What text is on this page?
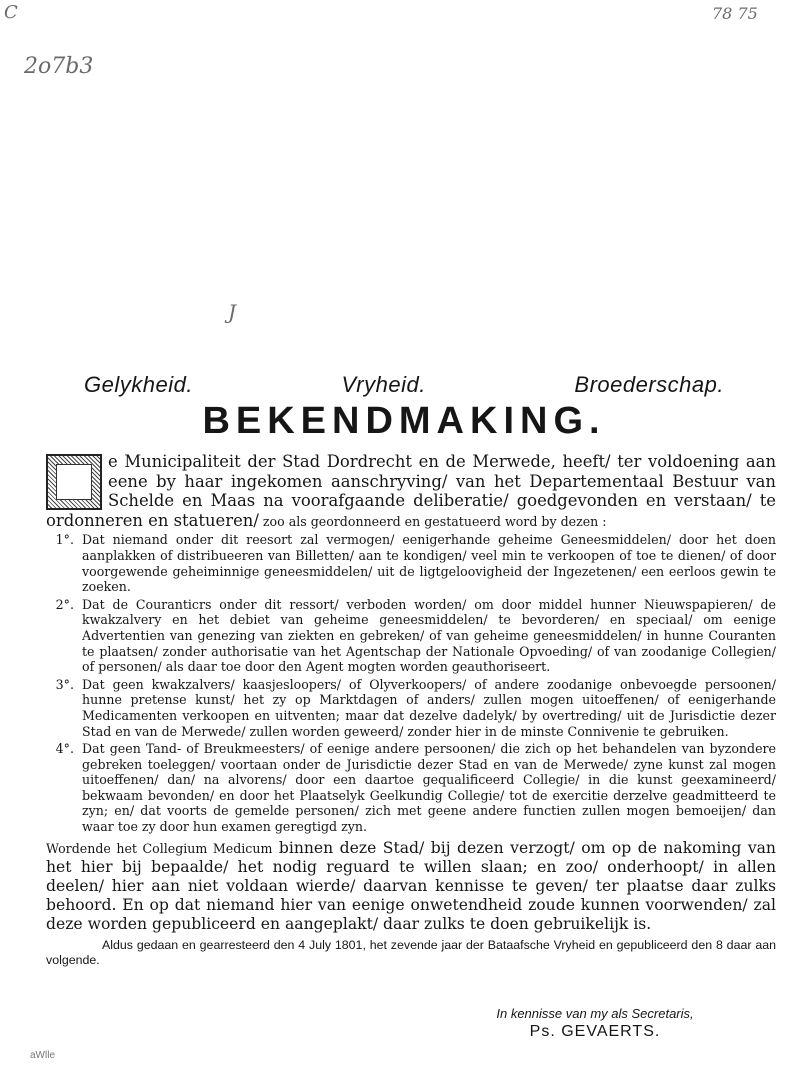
C	78 75
2o7b3
J
Gelykheid.	Vryheid.	Broederschap.
BEKENDMAKING.
e Municipaliteit der Stad Dordrecht en de Merwede, heeft/ ter voldoening aan eene by haar ingekomen aanschryving/ van het Departementaal Bestuur van Schelde en Maas na voorafgaande deliberatie/ goedgevonden en verstaan/ te ordonneren en statueren/ zoo als geordonneerd en gestatueerd word by dezen :
1°. Dat niemand onder dit reesort zal vermogen/ eenigerhande geheime Geneesmiddelen/ door het doen aanplakken of distribueeren van Billetten/ aan te kondigen/ veel min te verkoopen of toe te dienen/ of door voorgewende geheiminnige geneesmiddelen/ uit de ligtgeloovigheid der Ingezetenen/ een eerloos gewin te zoeken.
2°. Dat de Couranticrs onder dit ressort/ verboden worden/ om door middel hunner Nieuwspapieren/ de kwakzalvery en het debiet van geheime geneesmiddelen/ te bevorderen/ en speciaal/ om eenige Advertentien van genezing van ziekten en gebreken/ of van geheime geneesmiddelen/ in hunne Couranten te plaatsen/ zonder authorisatie van het Agentschap der Nationale Opvoeding/ of van zoodanige Collegien/ of personen/ als daar toe door den Agent mogten worden geauthoriseert.
3°. Dat geen kwakzalvers/ kaasjesloopers/ of Olyverkoopers/ of andere zoodanige onbevoegde persoonen/ hunne pretense kunst/ het zy op Marktdagen of anders/ zullen mogen uitoeffenen/ of eenigerhande Medicamenten verkoopen en uitventen; maar dat dezelve dadelyk/ by overtreding/ uit de Jurisdictie dezer Stad en van de Merwede/ zullen worden geweerd/ zonder hier in de minste Connivenie te gebruiken.
4°. Dat geen Tand- of Breukmeesters/ of eenige andere persoonen/ die zich op het behandelen van byzondere gebreken toeleggen/ voortaan onder de Jurisdictie dezer Stad en van de Merwede/ zyne kunst zal mogen uitoeffenen/ dan/ na alvorens/ door een daartoe gequalificeerd Collegie/ in die kunst geexamineerd/ bekwaam bevonden/ en door het Plaatselyk Geelkundig Collegie/ tot de exercitie derzelve geadmitteerd te zyn; en/ dat voorts de gemelde personen/ zich met geene andere functien zullen mogen bemoeijen/ dan waar toe zy door hun examen geregtigd zyn.
Wordende het Collegium Medicum binnen deze Stad/ bij dezen verzogt/ om op de nakoming van het hier bij bepaalde/ het nodig reguard te willen slaan; en zoo/ onderhoopt/ in allen deelen/ hier aan niet voldaan wierde/ daarvan kennisse te geven/ ter plaatse daar zulks behoord. En op dat niemand hier van eenige onwetendheid zoude kunnen voorwenden/ zal deze worden gepubliceerd en aangeplakt/ daar zulks te doen gebruikelijk is.
Aldus gedaan en gearresteerd den 4 July 1801, het zevende jaar der Bataafsche Vryheid en gepubliceerd den 8 daar aan volgende.
In kennisse van my als Secretaris,
Ps. GEVAERTS.
aWlle
